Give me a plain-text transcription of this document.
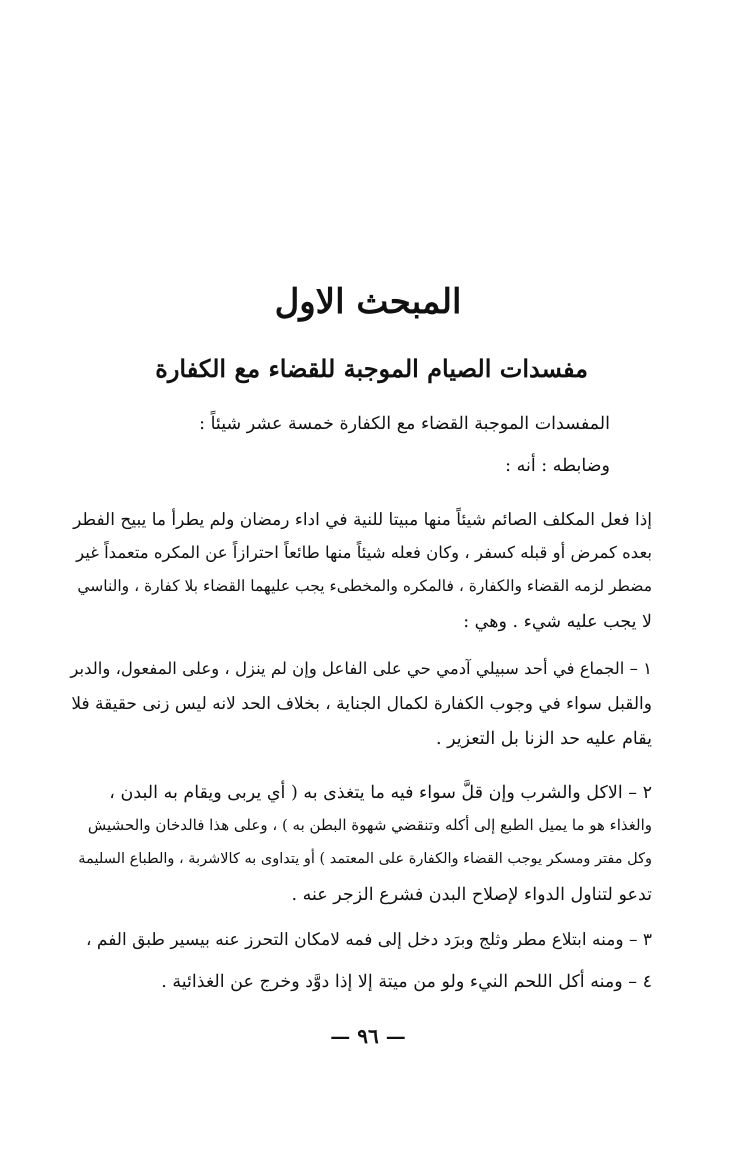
المبحث الاول
مفسدات الصيام الموجبة للقضاء مع الكفارة

المفسدات الموجبة القضاء مع الكفارة خمسة عشر شيئاً :

وضابطه : أنه :

إذا فعل المكلف الصائم شيئاً منها مبيتا للنية في اداء رمضان ولم يطرأ ما يبيح الفطر

بعده كمرض أو قبله كسفر ، وكان فعله شيئاً منها طائعاً احترازاً عن المكره متعمداً غير

مضطر لزمه القضاء والكفارة ، فالمكره والمخطىء يجب عليهما القضاء بلا كفارة ، والناسي

لا يجب عليه شيء . وهي :

١ – الجماع في أحد سبيلي آدمي حي على الفاعل وإن لم ينزل ، وعلى المفعول، والدبر

والقبل سواء في وجوب الكفارة لكمال الجناية ، بخلاف الحد لانه ليس زنى حقيقة فلا

يقام عليه حد الزنا بل التعزير .

٢ – الاكل والشرب وإن قلَّ سواء فيه ما يتغذى به ( أي يربى ويقام به البدن ،

والغذاء هو ما يميل الطبع إلى أكله وتنقضي شهوة البطن به ) ، وعلى هذا فالدخان والحشيش

وكل مفتر ومسكر يوجب القضاء والكفارة على المعتمد ) أو يتداوى به كالاشربة ، والطباع السليمة

تدعو لتناول الدواء لإصلاح البدن فشرع الزجر عنه .

٣ – ومنه ابتلاع مطر وثلج وبرَد دخل إلى فمه لامكان التحرز عنه بيسير طبق الفم ،

٤ – ومنه أكل اللحم النيء ولو من ميتة إلا إذا دوَّد وخرج عن الغذائية .

— ٩٦ —
